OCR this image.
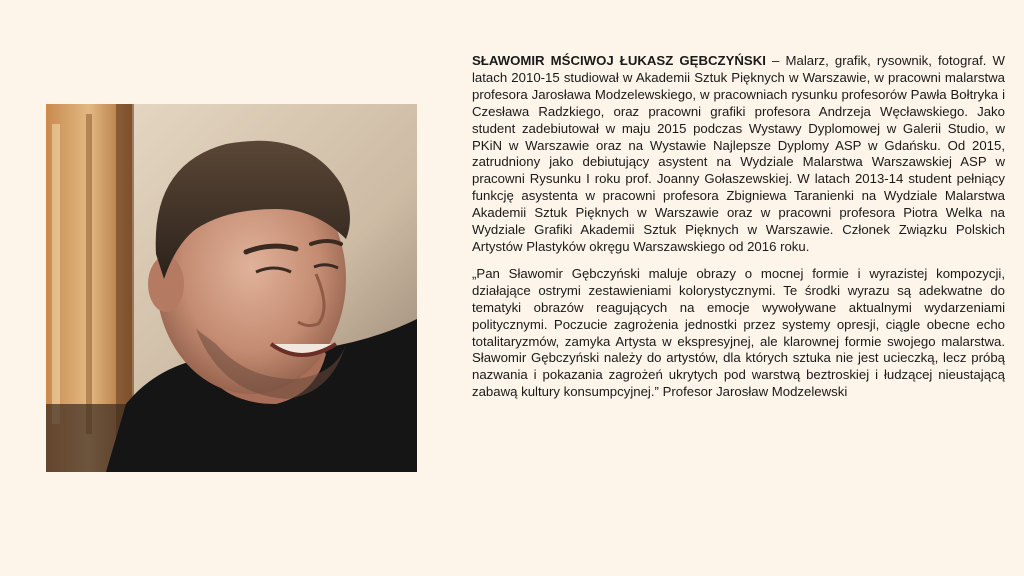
SŁAWOMIR MŚCIWOJ ŁUKASZ GĘBCZYŃSKI – Malarz, grafik, rysownik, fotograf. W latach 2010-15 studiował w Akademii Sztuk Pięknych w Warszawie, w pracowni malarstwa profesora Jarosława Modzelewskiego, w pracowniach rysunku profesorów Pawła Bołtryka i Czesława Radzkiego, oraz pracowni grafiki profesora Andrzeja Węcławskiego. Jako student zadebiutował w maju 2015 podczas Wystawy Dyplomowej w Galerii Studio, w PKiN w Warszawie oraz na Wystawie Najlepsze Dyplomy ASP w Gdańsku. Od 2015, zatrudniony jako debiutujący asystent na Wydziale Malarstwa Warszawskiej ASP w pracowni Rysunku I roku prof. Joanny Gołaszewskiej. W latach 2013-14 student pełniący funkcję asystenta w pracowni profesora Zbigniewa Taranienki na Wydziale Malarstwa Akademii Sztuk Pięknych w Warszawie oraz w pracowni profesora Piotra Welka na Wydziale Grafiki Akademii Sztuk Pięknych w Warszawie. Członek Związku Polskich Artystów Plastyków okręgu Warszawskiego od 2016 roku.

„Pan Sławomir Gębczyński maluje obrazy o mocnej formie i wyrazistej kompozycji, działające ostrymi zestawieniami kolorystycznymi. Te środki wyrazu są adekwatne do tematyki obrazów reagujących na emocje wywoływane aktualnymi wydarzeniami politycznymi. Poczucie zagrożenia jednostki przez systemy opresji, ciągle obecne echo totalitaryzmów, zamyka Artysta w ekspresyjnej, ale klarownej formie swojego malarstwa. Sławomir Gębczyński należy do artystów, dla których sztuka nie jest ucieczką, lecz próbą nazwania i pokazania zagrożeń ukrytych pod warstwą beztroskiej i łudzącej nieustającą zabawą kultury konsumpcyjnej.” Profesor Jarosław Modzelewski
